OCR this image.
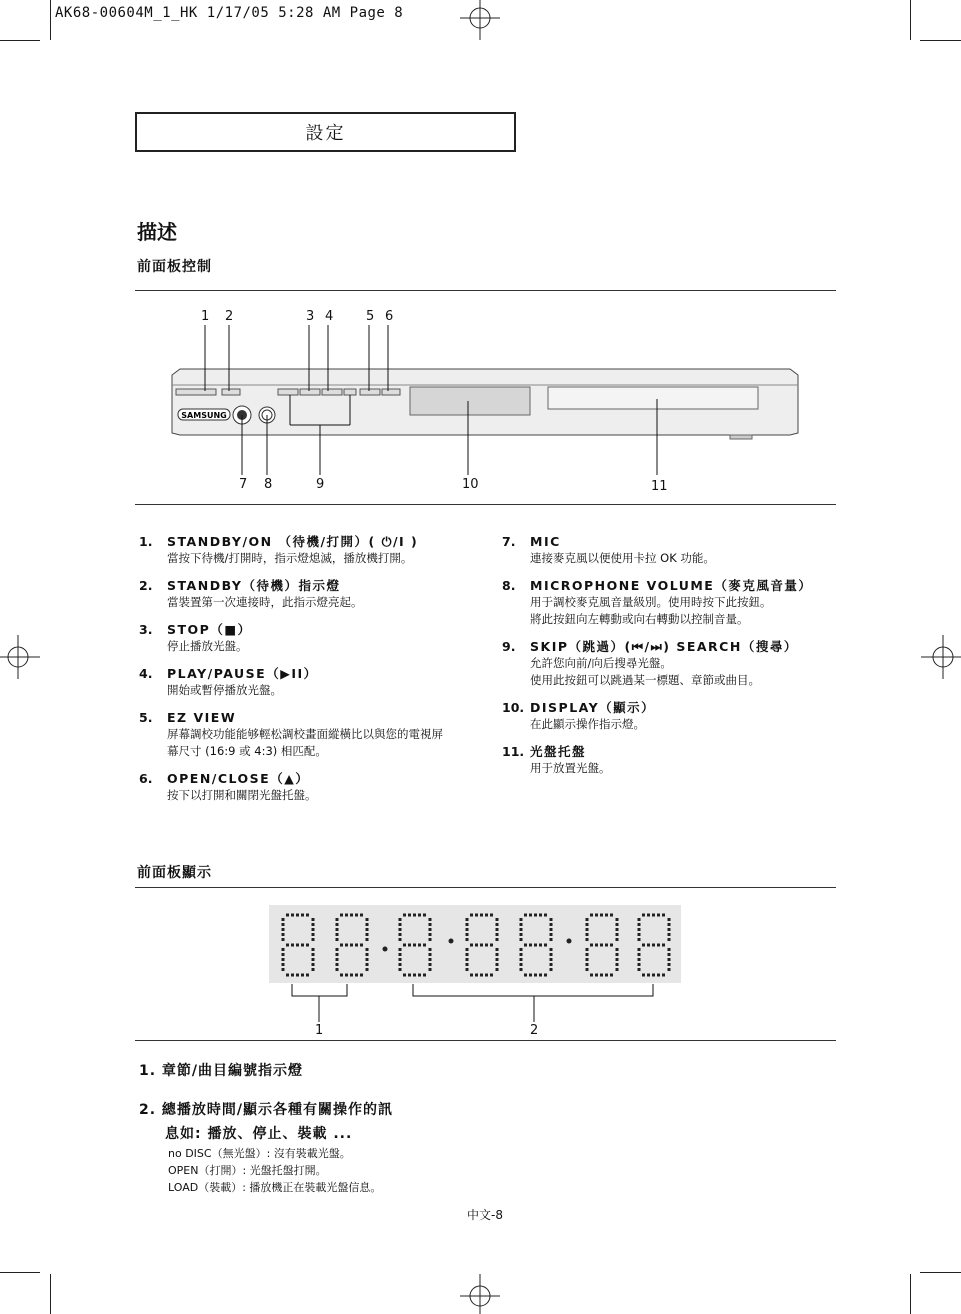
AK68-00604M_1_HK 1/17/05 5:28 AM Page 8
設定
描述
前面板控制
1 2	3 4	5 6
SAMSUNG
7 8	9	10	11
1. STANDBY/ON （待機/打開）( ⏻/I )
當按下待機/打開時，指示燈熄滅，播放機打開。
2. STANDBY（待機）指示燈
當裝置第一次連接時，此指示燈亮起。
3. STOP（■）
停止播放光盤。
4. PLAY/PAUSE（▶II）
開始或暫停播放光盤。
5. EZ VIEW
屏幕調校功能能够輕松調校畫面縱橫比以與您的電視屏
幕尺寸 (16:9 或 4:3) 相匹配。
6. OPEN/CLOSE（▲）
按下以打開和關閉光盤托盤。
7. MIC
連接麥克風以便使用卡拉 OK 功能。
8. MICROPHONE VOLUME（麥克風音量）
用于調校麥克風音量級別。使用時按下此按鈕。
將此按鈕向左轉動或向右轉動以控制音量。
9. SKIP（跳過）(⏮/⏭) SEARCH（搜尋）
允許您向前/向后搜尋光盤。
使用此按鈕可以跳過某一標題、章節或曲目。
10. DISPLAY（顯示）
在此顯示操作指示燈。
11. 光盤托盤
用于放置光盤。
前面板顯示
1	2
1. 章節/曲目編號指示燈
2. 總播放時間/顯示各種有關操作的訊
息如: 播放、停止、裝載 ...
no DISC（無光盤）: 沒有裝載光盤。
OPEN（打開）: 光盤托盤打開。
LOAD（裝載）: 播放機正在裝載光盤信息。
中文-8
